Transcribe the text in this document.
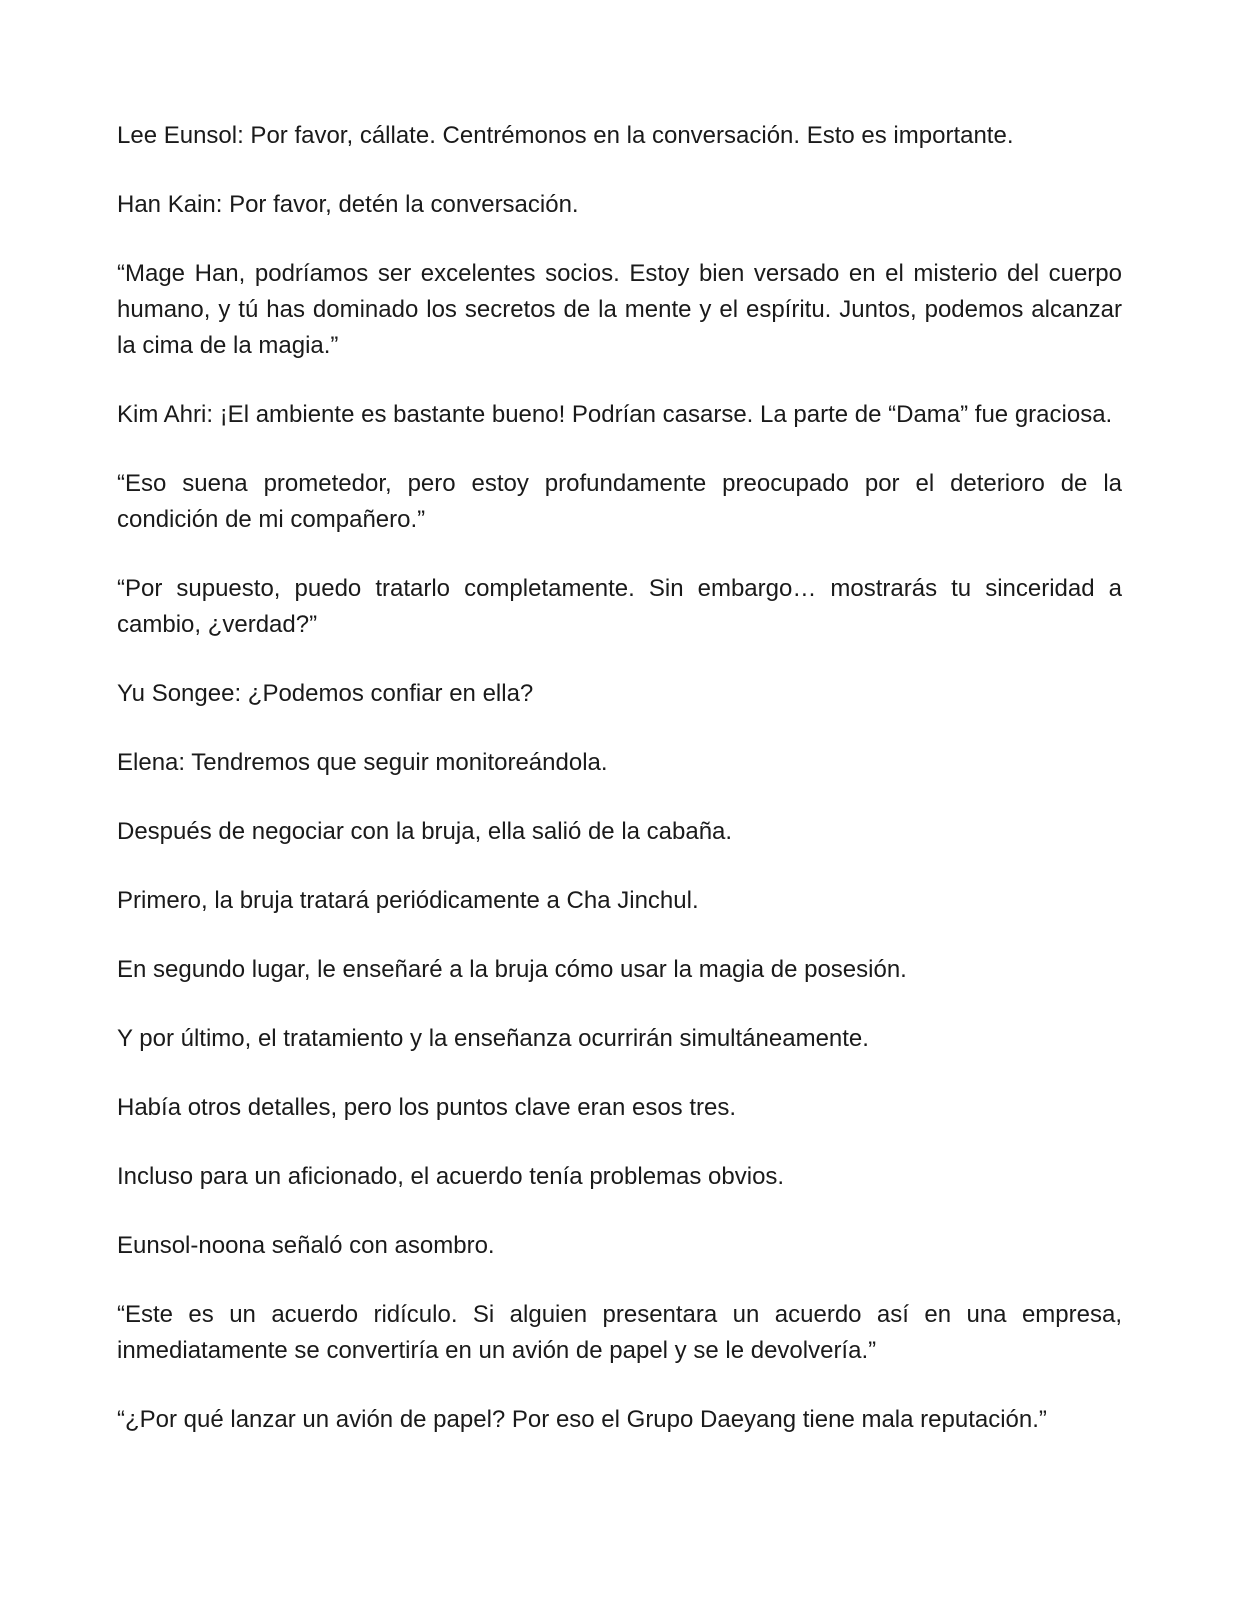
Lee Eunsol: Por favor, cállate. Centrémonos en la conversación. Esto es importante.

Han Kain: Por favor, detén la conversación.

“Mage Han, podríamos ser excelentes socios. Estoy bien versado en el misterio del cuerpo humano, y tú has dominado los secretos de la mente y el espíritu. Juntos, podemos alcanzar la cima de la magia.”

Kim Ahri: ¡El ambiente es bastante bueno! Podrían casarse. La parte de “Dama” fue graciosa.

“Eso suena prometedor, pero estoy profundamente preocupado por el deterioro de la condición de mi compañero.”

“Por supuesto, puedo tratarlo completamente. Sin embargo… mostrarás tu sinceridad a cambio, ¿verdad?”

Yu Songee: ¿Podemos confiar en ella?

Elena: Tendremos que seguir monitoreándola.

Después de negociar con la bruja, ella salió de la cabaña.

Primero, la bruja tratará periódicamente a Cha Jinchul.

En segundo lugar, le enseñaré a la bruja cómo usar la magia de posesión.

Y por último, el tratamiento y la enseñanza ocurrirán simultáneamente.

Había otros detalles, pero los puntos clave eran esos tres.

Incluso para un aficionado, el acuerdo tenía problemas obvios.

Eunsol-noona señaló con asombro.

“Este es un acuerdo ridículo. Si alguien presentara un acuerdo así en una empresa, inmediatamente se convertiría en un avión de papel y se le devolvería.”

“¿Por qué lanzar un avión de papel? Por eso el Grupo Daeyang tiene mala reputación.”
